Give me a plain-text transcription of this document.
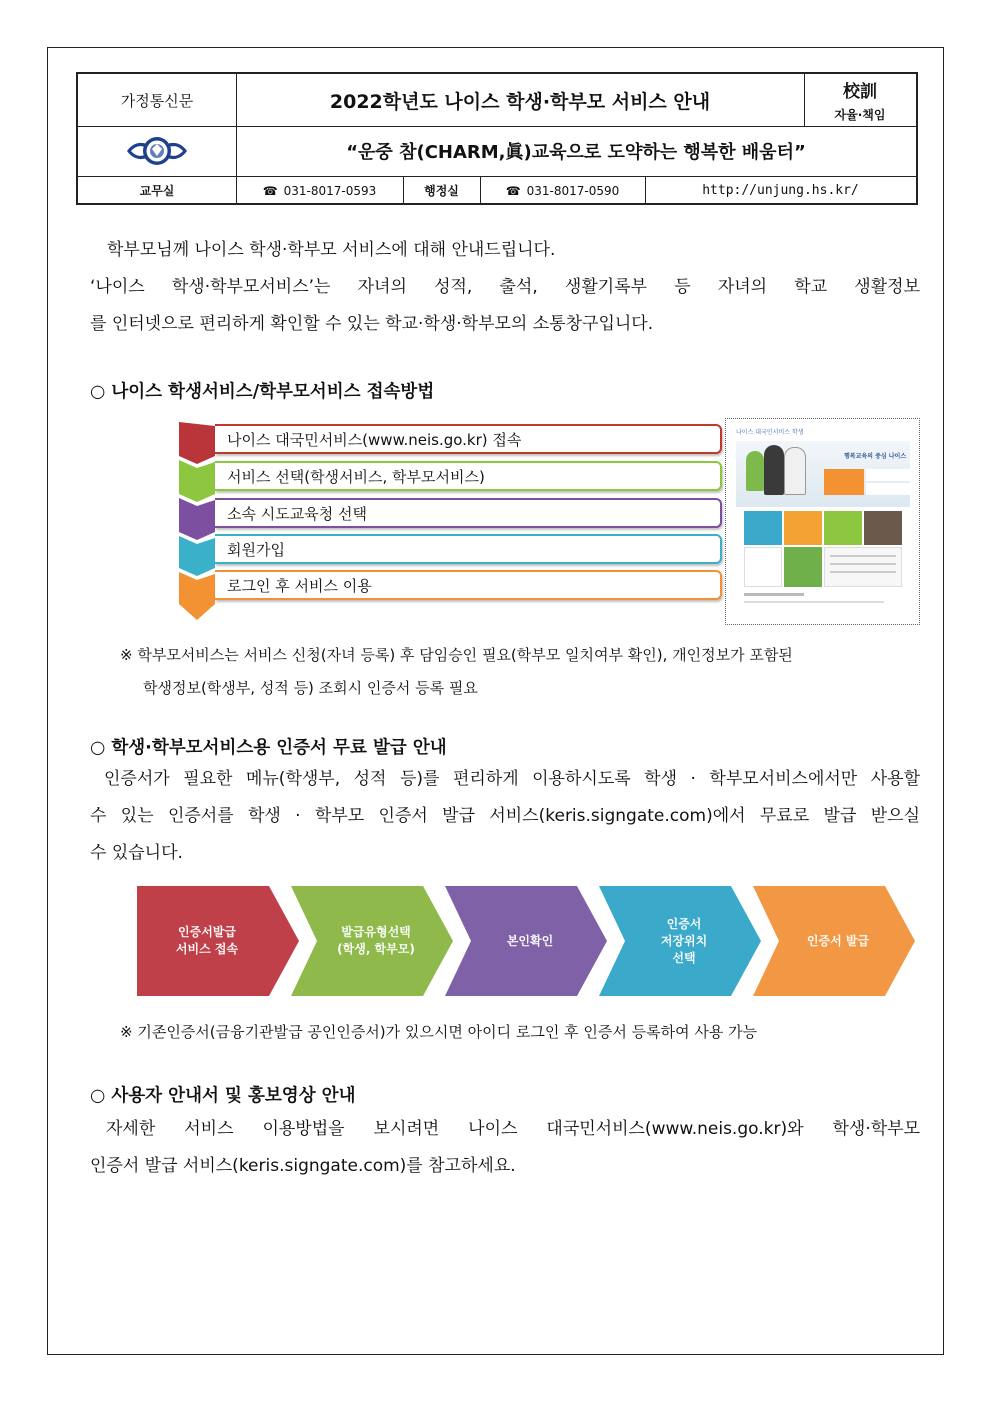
가정통신문	2022학년도 나이스 학생·학부모 서비스 안내	校訓
자율·책임
“운중 참(CHARM,眞)교육으로 도약하는 행복한 배움터”
교무실	☎ 031-8017-0593	행정실	☎ 031-8017-0590	http://unjung.hs.kr/
학부모님께 나이스 학생·학부모 서비스에 대해 안내드립니다.
‘나이스 학생·학부모서비스’는 자녀의 성적, 출석, 생활기록부 등 자녀의 학교 생활정보
를 인터넷으로 편리하게 확인할 수 있는 학교·학생·학부모의 소통창구입니다.
○ 나이스 학생서비스/학부모서비스 접속방법
나이스 대국민서비스(www.neis.go.kr) 접속
서비스 선택(학생서비스, 학부모서비스)
소속 시도교육청 선택
회원가입
로그인 후 서비스 이용
나이스 대국민서비스 학생
행복교육의 중심 나이스
※ 학부모서비스는 서비스 신청(자녀 등록) 후 담임승인 필요(학부모 일치여부 확인), 개인정보가 포함된
학생정보(학생부, 성적 등) 조회시 인증서 등록 필요
○ 학생·학부모서비스용 인증서 무료 발급 안내
인증서가 필요한 메뉴(학생부, 성적 등)를 편리하게 이용하시도록 학생 · 학부모서비스에서만 사용할
수 있는 인증서를 학생 · 학부모 인증서 발급 서비스(keris.signgate.com)에서 무료로 발급 받으실
수 있습니다.
※ 기존인증서(금융기관발급 공인인증서)가 있으시면 아이디 로그인 후 인증서 등록하여 사용 가능
○ 사용자 안내서 및 홍보영상 안내
자세한 서비스 이용방법을 보시려면 나이스 대국민서비스(www.neis.go.kr)와 학생·학부모
인증서 발급 서비스(keris.signgate.com)를 참고하세요.
인증서발급
서비스 접속
발급유형선택
(학생, 학부모)
본인확인
인증서
저장위치
선택
인증서 발급
